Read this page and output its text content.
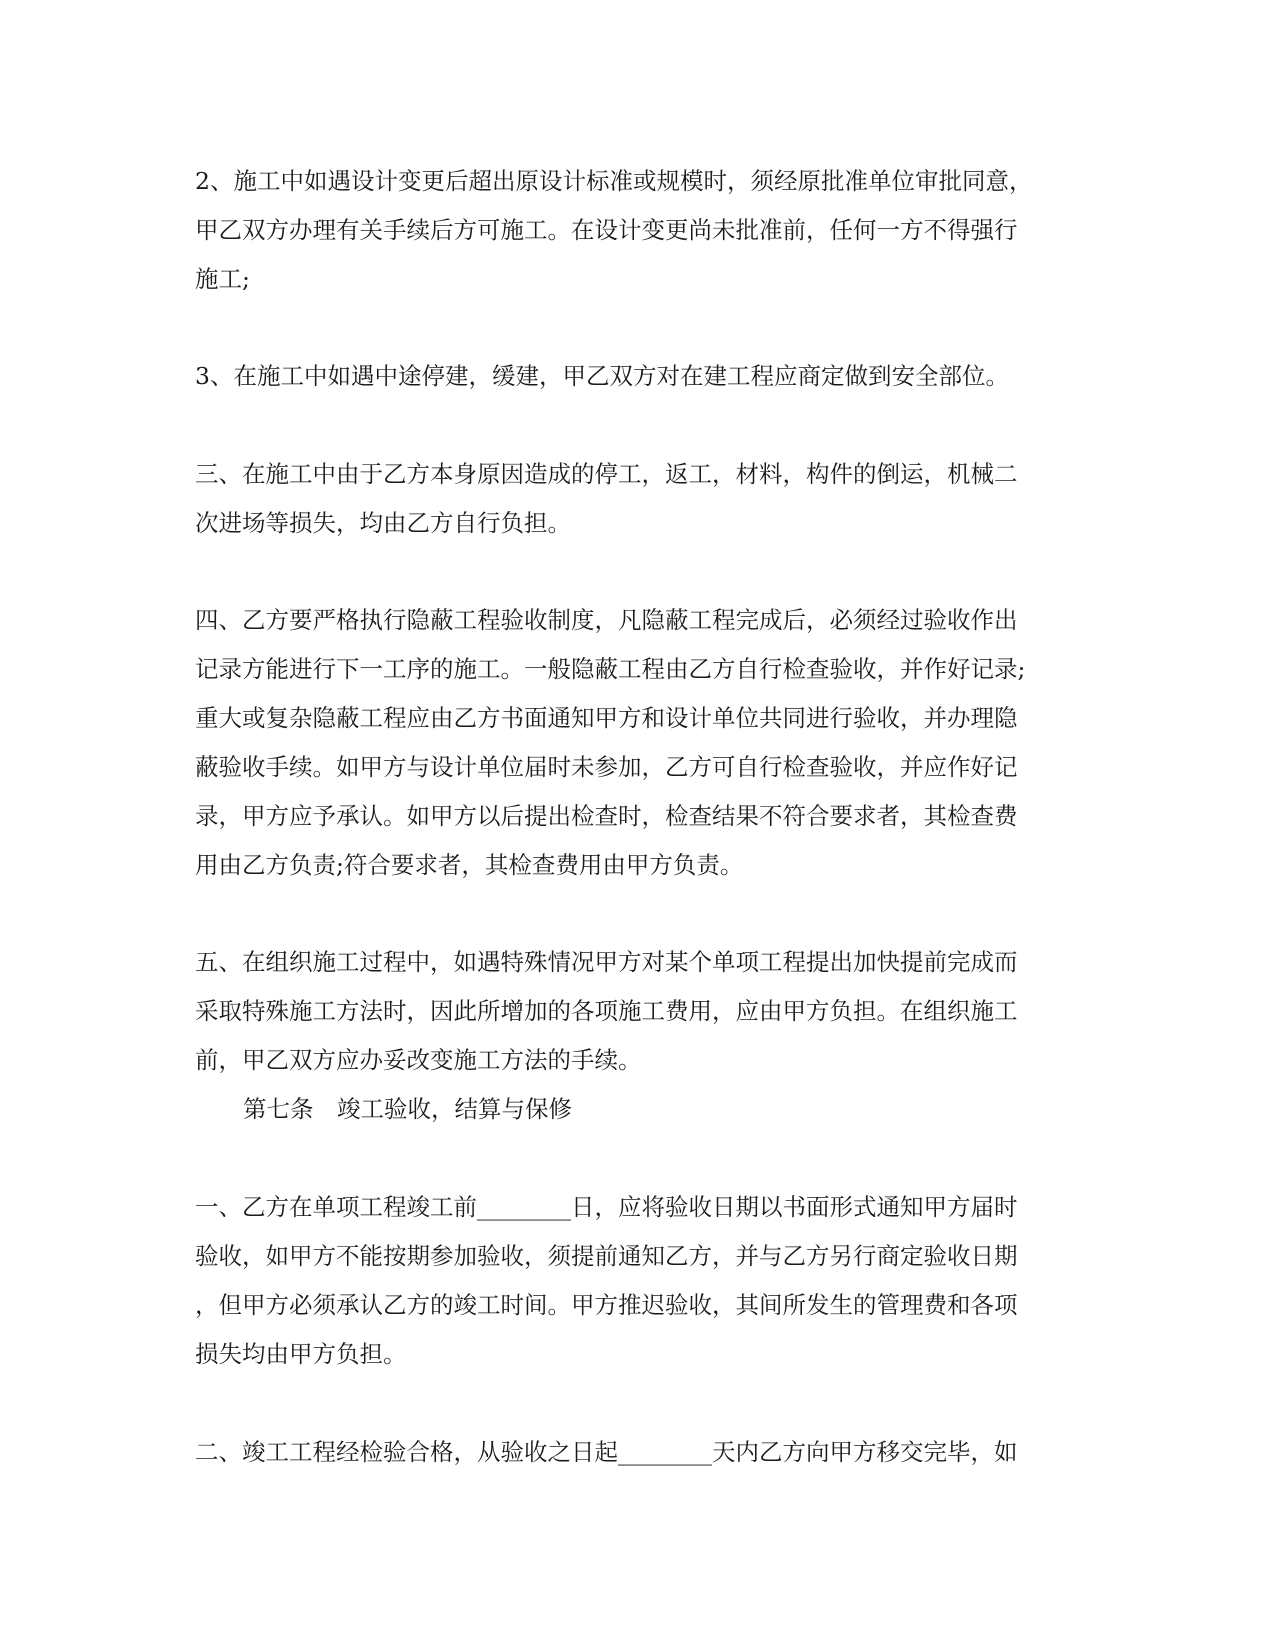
2、施工中如遇设计变更后超出原设计标准或规模时，须经原批准单位审批同意，
甲乙双方办理有关手续后方可施工。在设计变更尚未批准前，任何一方不得强行
施工;
3、在施工中如遇中途停建，缓建，甲乙双方对在建工程应商定做到安全部位。
三、在施工中由于乙方本身原因造成的停工，返工，材料，构件的倒运，机械二
次进场等损失，均由乙方自行负担。
四、乙方要严格执行隐蔽工程验收制度，凡隐蔽工程完成后，必须经过验收作出
记录方能进行下一工序的施工。一般隐蔽工程由乙方自行检查验收，并作好记录;
重大或复杂隐蔽工程应由乙方书面通知甲方和设计单位共同进行验收，并办理隐
蔽验收手续。如甲方与设计单位届时未参加，乙方可自行检查验收，并应作好记
录，甲方应予承认。如甲方以后提出检查时，检查结果不符合要求者，其检查费
用由乙方负责;符合要求者，其检查费用由甲方负责。
五、在组织施工过程中，如遇特殊情况甲方对某个单项工程提出加快提前完成而
采取特殊施工方法时，因此所增加的各项施工费用，应由甲方负担。在组织施工
前，甲乙双方应办妥改变施工方法的手续。
第七条　竣工验收，结算与保修
一、乙方在单项工程竣工前________日，应将验收日期以书面形式通知甲方届时
验收，如甲方不能按期参加验收，须提前通知乙方，并与乙方另行商定验收日期
，但甲方必须承认乙方的竣工时间。甲方推迟验收，其间所发生的管理费和各项
损失均由甲方负担。
二、竣工工程经检验合格，从验收之日起________天内乙方向甲方移交完毕，如
